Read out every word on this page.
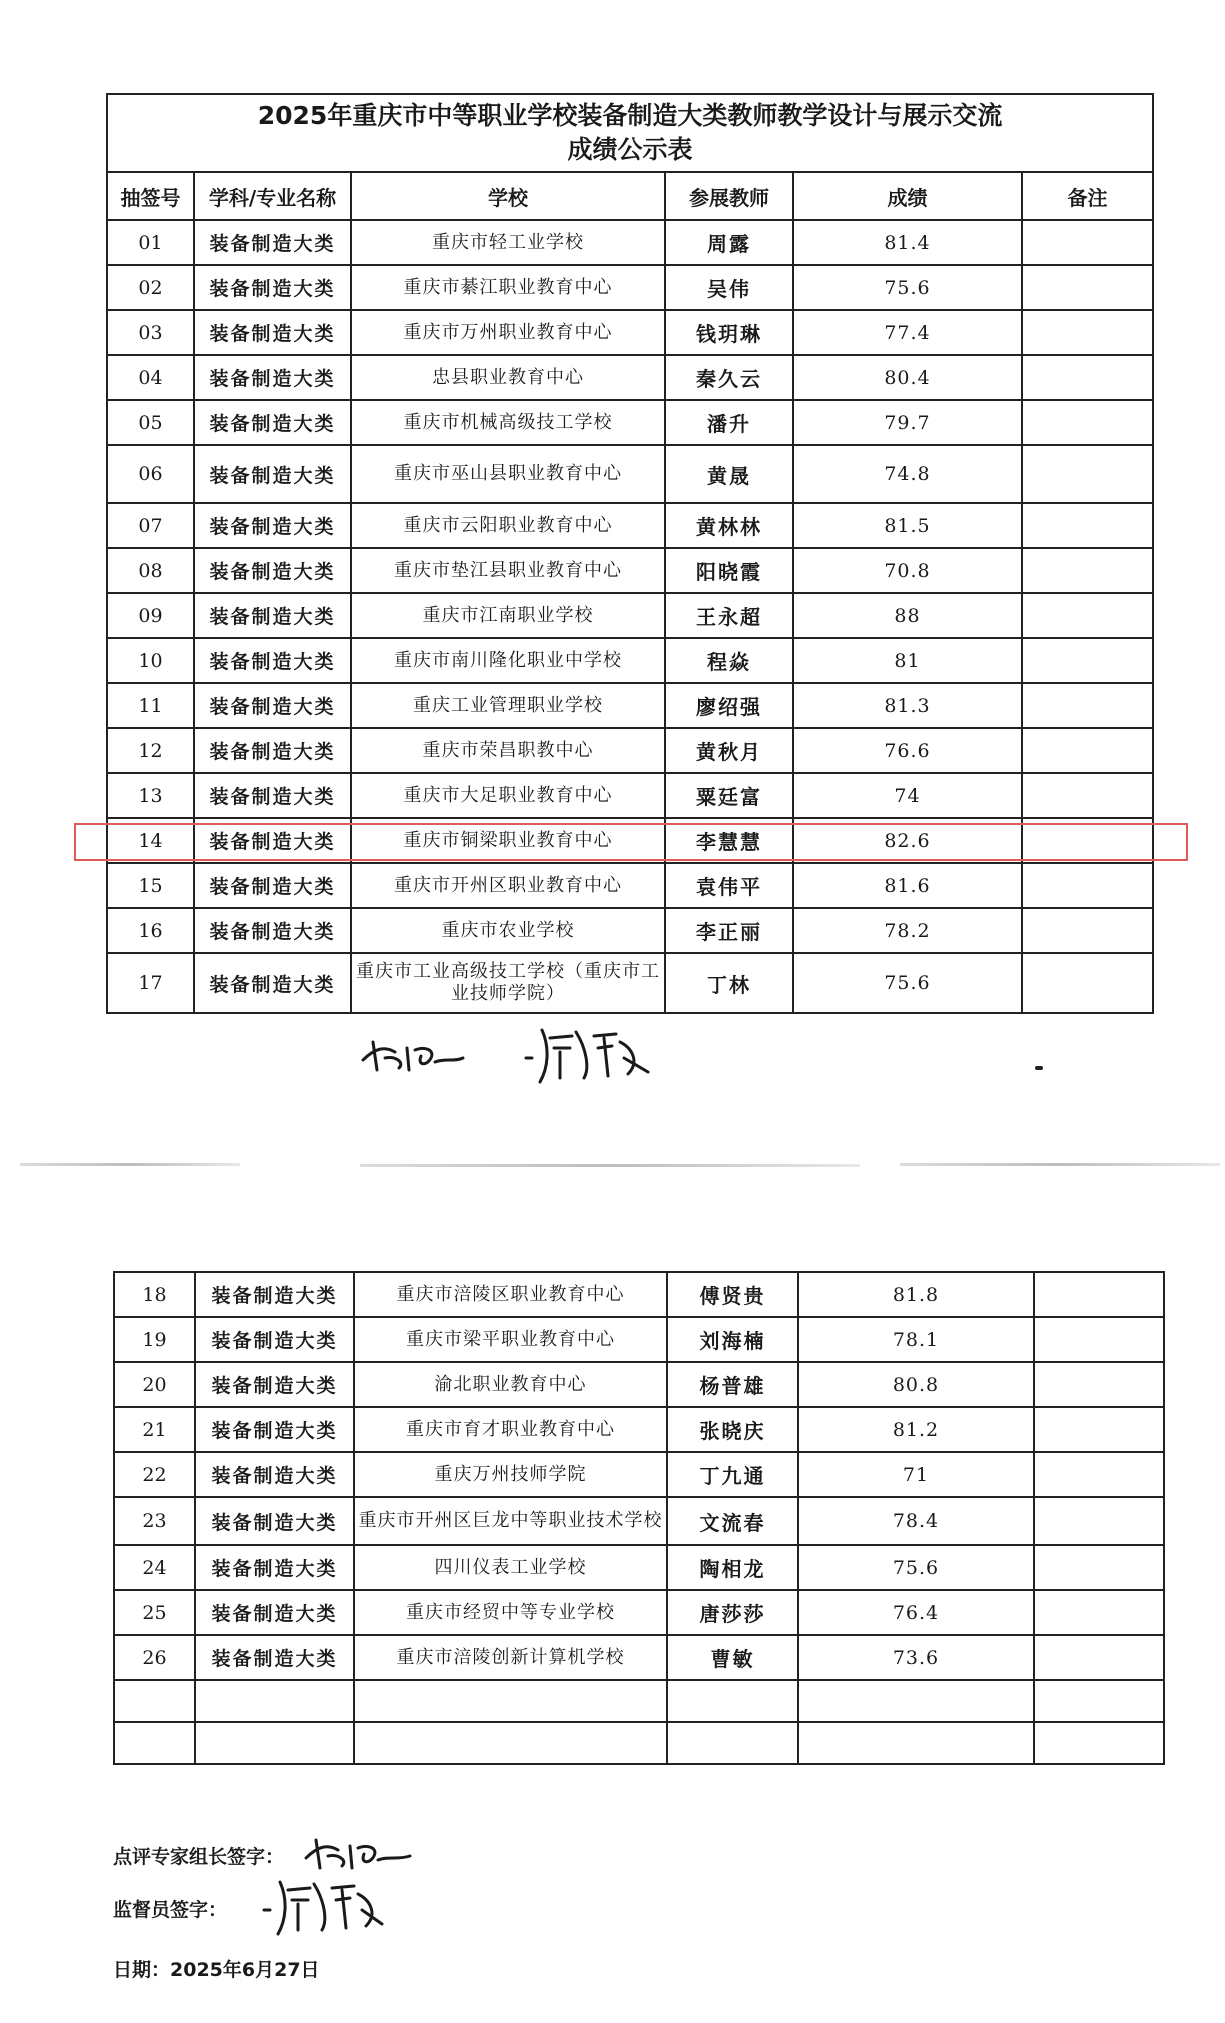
2025年重庆市中等职业学校装备制造大类教师教学设计与展示交流
成绩公示表					

抽签号	学科/专业名称	学校	参展教师	成绩	备注
01	装备制造大类	重庆市轻工业学校	周露	81.4	
02	装备制造大类	重庆市綦江职业教育中心	吴伟	75.6	
03	装备制造大类	重庆市万州职业教育中心	钱玥琳	77.4	
04	装备制造大类	忠县职业教育中心	秦久云	80.4	
05	装备制造大类	重庆市机械高级技工学校	潘升	79.7	
06	装备制造大类	重庆市巫山县职业教育中心	黄晟	74.8	
07	装备制造大类	重庆市云阳职业教育中心	黄林林	81.5	
08	装备制造大类	重庆市垫江县职业教育中心	阳晓霞	70.8	
09	装备制造大类	重庆市江南职业学校	王永超	88	
10	装备制造大类	重庆市南川隆化职业中学校	程焱	81	
11	装备制造大类	重庆工业管理职业学校	廖绍强	81.3	
12	装备制造大类	重庆市荣昌职教中心	黄秋月	76.6	
13	装备制造大类	重庆市大足职业教育中心	粟廷富	74	
14	装备制造大类	重庆市铜梁职业教育中心	李慧慧	82.6	
15	装备制造大类	重庆市开州区职业教育中心	袁伟平	81.6	
16	装备制造大类	重庆市农业学校	李正丽	78.2	
17	装备制造大类	重庆市工业高级技工学校（重庆市工业技师学院）	丁林	75.6	
18	装备制造大类	重庆市涪陵区职业教育中心	傅贤贵	81.8	
19	装备制造大类	重庆市梁平职业教育中心	刘海楠	78.1	
20	装备制造大类	渝北职业教育中心	杨普雄	80.8	
21	装备制造大类	重庆市育才职业教育中心	张晓庆	81.2	
22	装备制造大类	重庆万州技师学院	丁九通	71	
23	装备制造大类	重庆市开州区巨龙中等职业技术学校	文流春	78.4	
24	装备制造大类	四川仪表工业学校	陶相龙	75.6	
25	装备制造大类	重庆市经贸中等专业学校	唐莎莎	76.4	
26	装备制造大类	重庆市涪陵创新计算机学校	曹敏	73.6	

点评专家组长签字：
监督员签字：
日期：2025年6月27日
